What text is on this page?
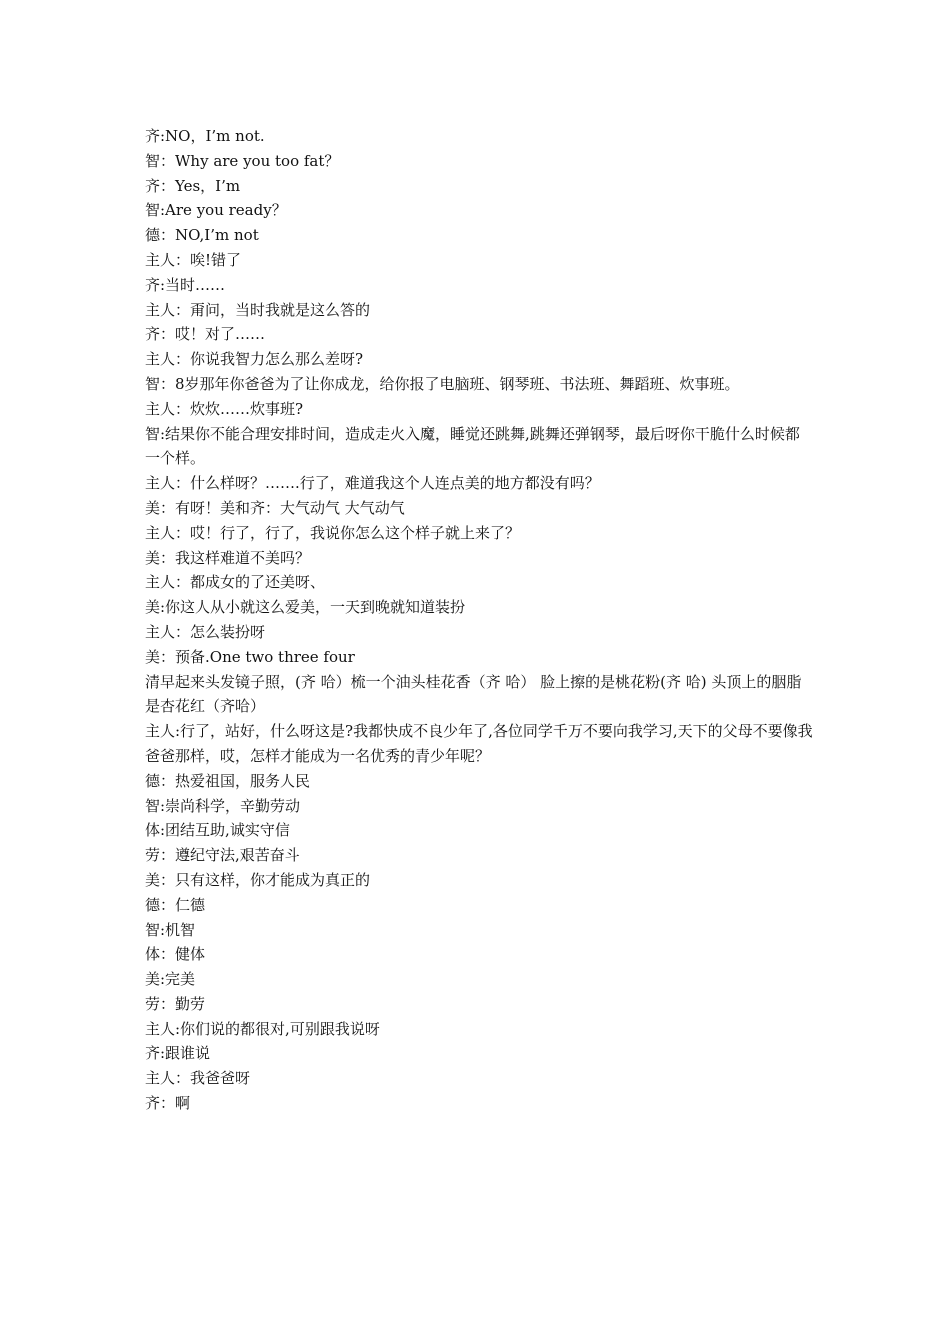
齐:NO，I’m not.
智：Why are you too fat？
齐：Yes，I’m
智:Are you ready？
德：NO,I’m not
主人：唉!错了
齐:当时……
主人：甭问，当时我就是这么答的
齐：哎！对了……
主人：你说我智力怎么那么差呀?
智：8岁那年你爸爸为了让你成龙，给你报了电脑班、钢琴班、书法班、舞蹈班、炊事班。
主人：炊炊……炊事班?
智:结果你不能合理安排时间，造成走火入魔，睡觉还跳舞,跳舞还弹钢琴，最后呀你干脆什么时候都一个样。
主人：什么样呀？…….行了，难道我这个人连点美的地方都没有吗？
美：有呀！美和齐：大气动气 大气动气
主人：哎！行了，行了，我说你怎么这个样子就上来了？
美：我这样难道不美吗？
主人：都成女的了还美呀、
美:你这人从小就这么爱美，一天到晚就知道装扮
主人：怎么装扮呀
美：预备.One two three four
清早起来头发镜子照，(齐 哈）梳一个油头桂花香（齐 哈） 脸上擦的是桃花粉(齐 哈) 头顶上的胭脂是杏花红（齐哈）
主人:行了，站好，什么呀这是?我都快成不良少年了,各位同学千万不要向我学习,天下的父母不要像我爸爸那样，哎，怎样才能成为一名优秀的青少年呢？
德：热爱祖国，服务人民
智:崇尚科学，辛勤劳动
体:团结互助,诚实守信
劳：遵纪守法,艰苦奋斗
美：只有这样，你才能成为真正的
德：仁德
智:机智
体：健体
美:完美
劳：勤劳
主人:你们说的都很对,可别跟我说呀
齐:跟谁说
主人：我爸爸呀
齐：啊
